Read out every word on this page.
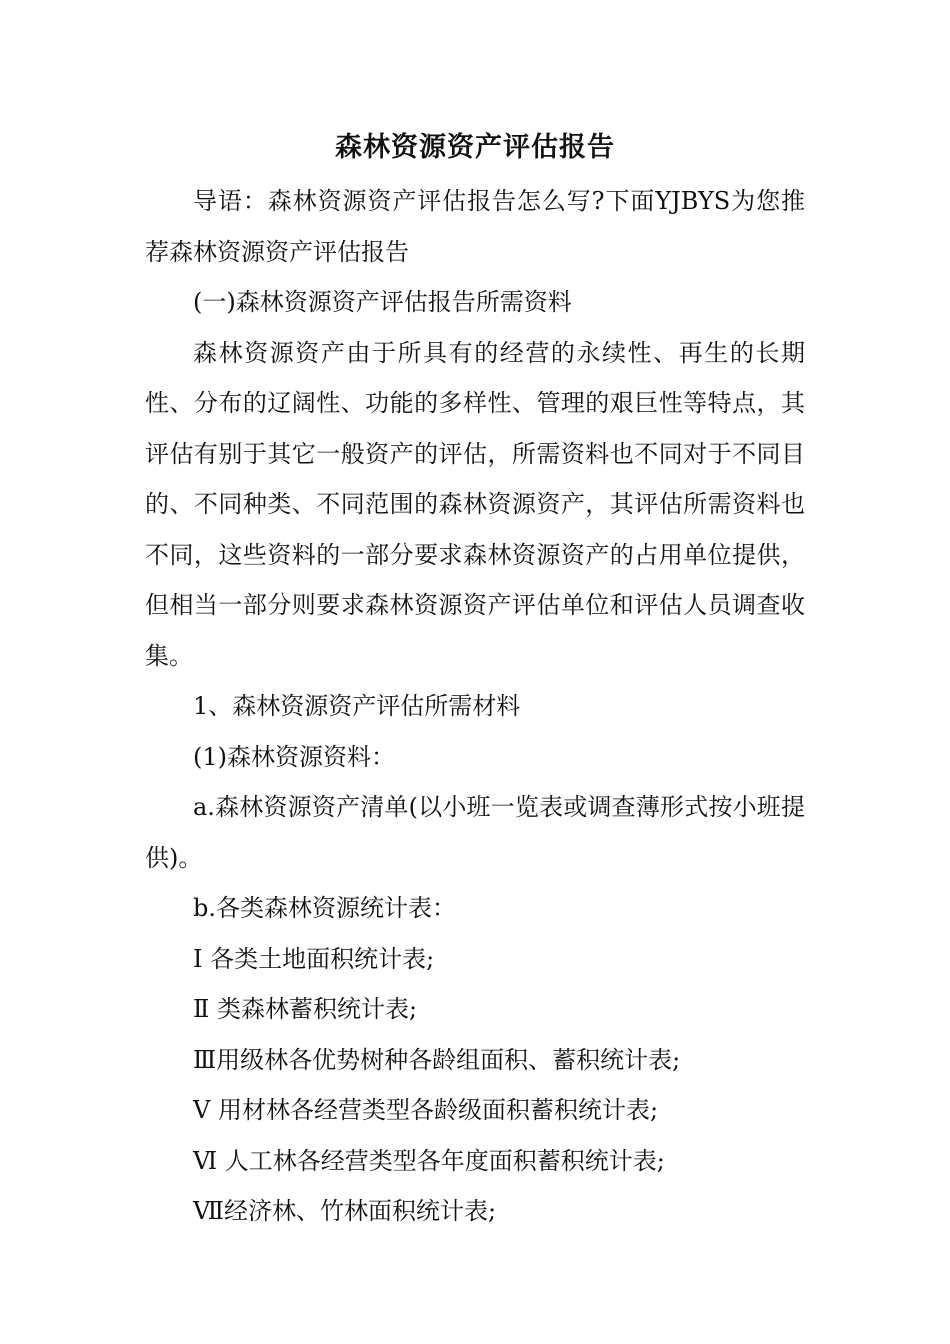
森林资源资产评估报告

导语：森林资源资产评估报告怎么写?下面YJBYS为您推荐森林资源资产评估报告

(一)森林资源资产评估报告所需资料

森林资源资产由于所具有的经营的永续性、再生的长期性、分布的辽阔性、功能的多样性、管理的艰巨性等特点，其评估有别于其它一般资产的评估，所需资料也不同对于不同目的、不同种类、不同范围的森林资源资产，其评估所需资料也不同，这些资料的一部分要求森林资源资产的占用单位提供，但相当一部分则要求森林资源资产评估单位和评估人员调查收集。

1、森林资源资产评估所需材料

(1)森林资源资料：

a.森林资源资产清单(以小班一览表或调查薄形式按小班提供)。

b.各类森林资源统计表：

Ⅰ 各类土地面积统计表;

Ⅱ 类森林蓄积统计表;

Ⅲ用级林各优势树种各龄组面积、蓄积统计表;

Ⅴ 用材林各经营类型各龄级面积蓄积统计表;

Ⅵ 人工林各经营类型各年度面积蓄积统计表;

Ⅶ经济林、竹林面积统计表;
